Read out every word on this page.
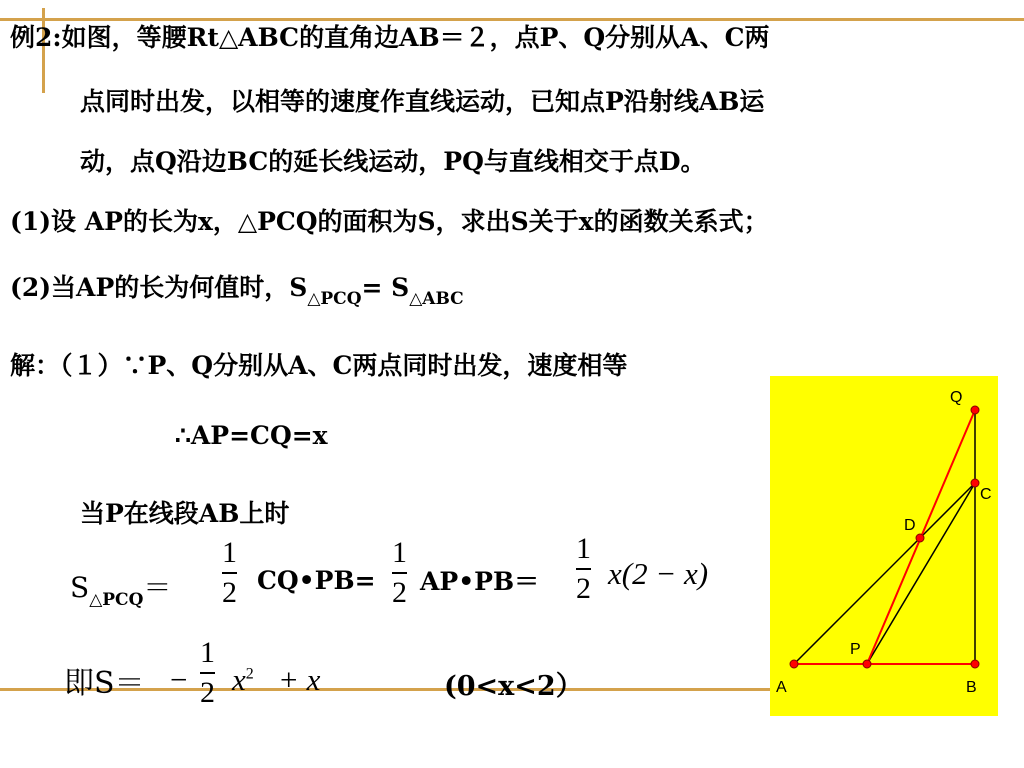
例2:如图，等腰Rt△ABC的直角边AB＝２，点P、Q分别从A、C两
点同时出发，以相等的速度作直线运动，已知点P沿射线AB运
动，点Q沿边BC的延长线运动，PQ与直线相交于点D。
(1)设 AP的长为x，△PCQ的面积为S，求出S关于x的函数关系式；
(2)当AP的长为何值时，$S_{\triangle PCQ}= S_{\triangle ABC}$
解：（１）∵P、Q分别从A、C两点同时出发，速度相等
∴AP=CQ=x
当P在线段AB上时
$S_{\triangle PCQ}=$
1
2 CQ•PB=
1
2 AP•PB＝
1
2 x(2 − x)
即S＝ −
1
2 $x^2 + x$	(0<x<2）
Q
C
D
P
A	B
